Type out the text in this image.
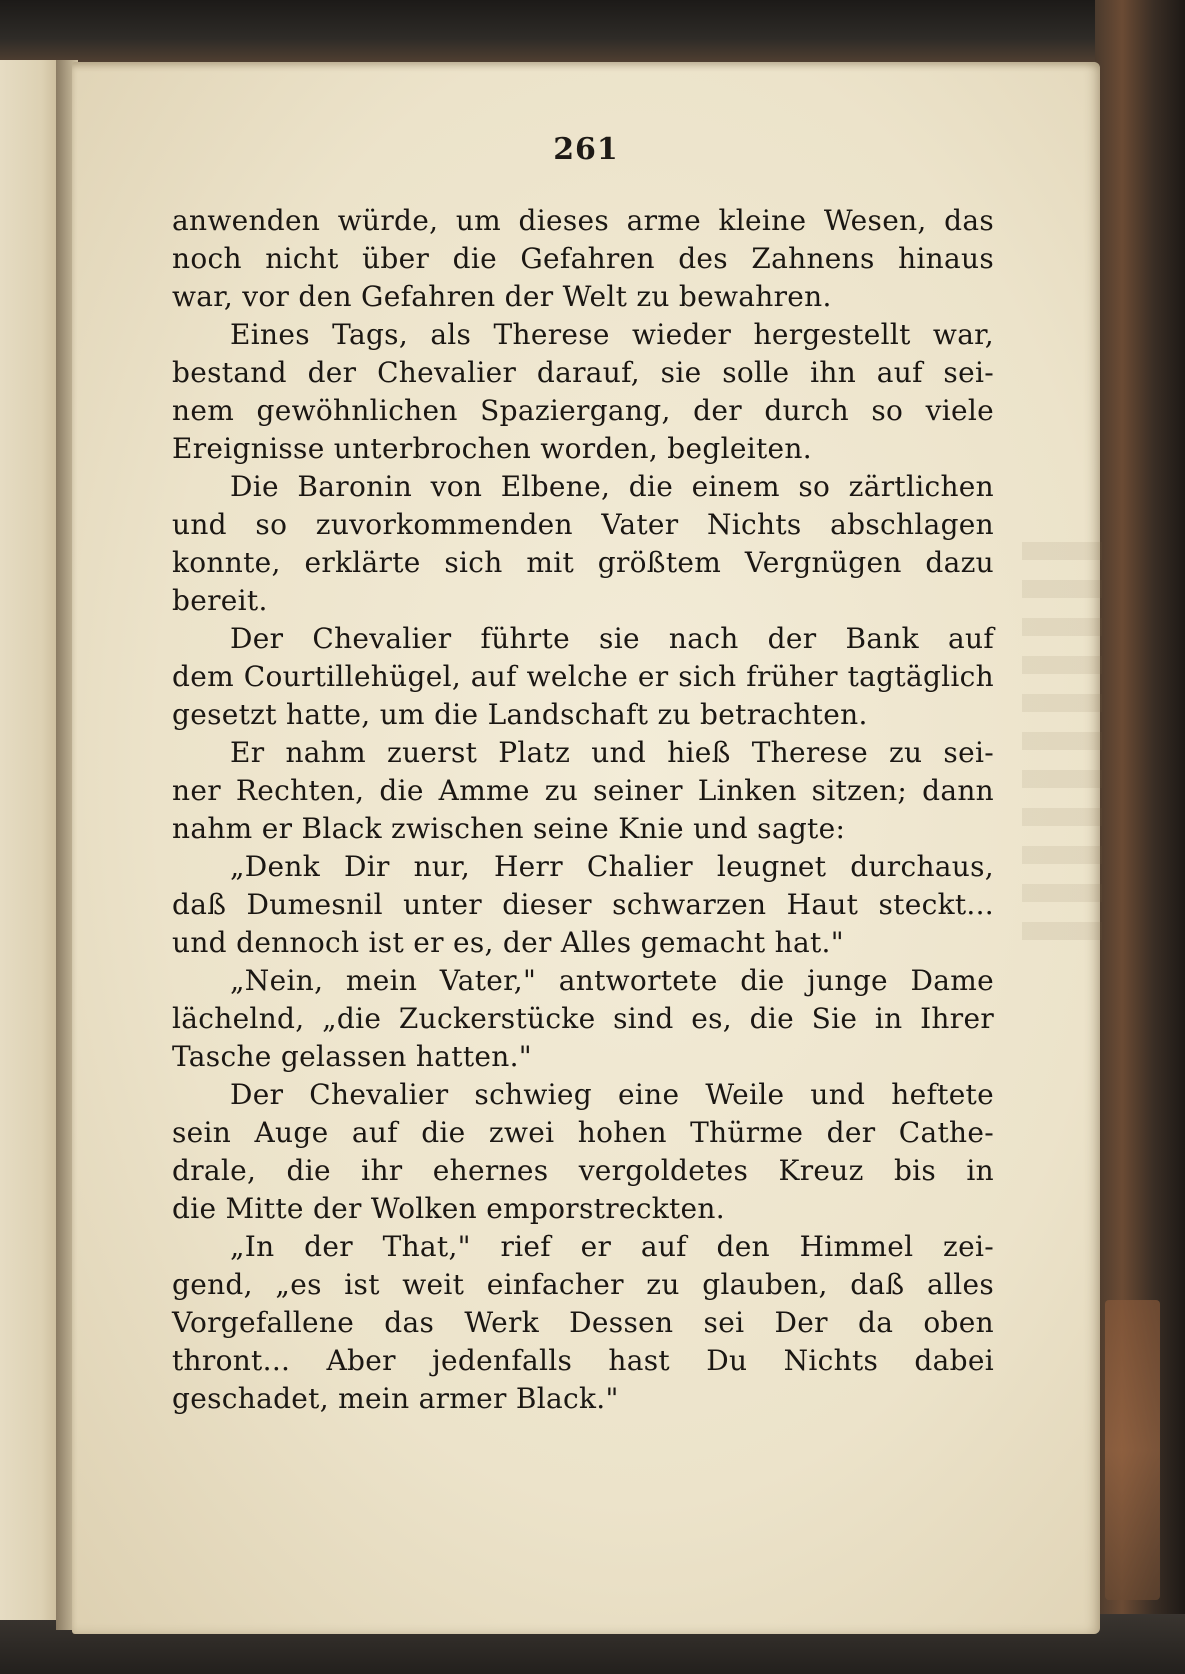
261
anwenden würde, um dieses arme kleine Wesen, das
noch nicht über die Gefahren des Zahnens hinaus
war, vor den Gefahren der Welt zu bewahren.
Eines Tags, als Therese wieder hergestellt war,
bestand der Chevalier darauf, sie solle ihn auf sei-
nem gewöhnlichen Spaziergang, der durch so viele
Ereignisse unterbrochen worden, begleiten.
Die Baronin von Elbene, die einem so zärtlichen
und so zuvorkommenden Vater Nichts abschlagen
konnte, erklärte sich mit größtem Vergnügen dazu
bereit.
Der Chevalier führte sie nach der Bank auf
dem Courtillehügel, auf welche er sich früher tagtäglich
gesetzt hatte, um die Landschaft zu betrachten.
Er nahm zuerst Platz und hieß Therese zu sei-
ner Rechten, die Amme zu seiner Linken sitzen; dann
nahm er Black zwischen seine Knie und sagte:
„Denk Dir nur, Herr Chalier leugnet durchaus,
daß Dumesnil unter dieser schwarzen Haut steckt...
und dennoch ist er es, der Alles gemacht hat."
„Nein, mein Vater," antwortete die junge Dame
lächelnd, „die Zuckerstücke sind es, die Sie in Ihrer
Tasche gelassen hatten."
Der Chevalier schwieg eine Weile und heftete
sein Auge auf die zwei hohen Thürme der Cathe-
drale, die ihr ehernes vergoldetes Kreuz bis in
die Mitte der Wolken emporstreckten.
„In der That," rief er auf den Himmel zei-
gend, „es ist weit einfacher zu glauben, daß alles
Vorgefallene das Werk Dessen sei Der da oben
thront... Aber jedenfalls hast Du Nichts dabei
geschadet, mein armer Black."
